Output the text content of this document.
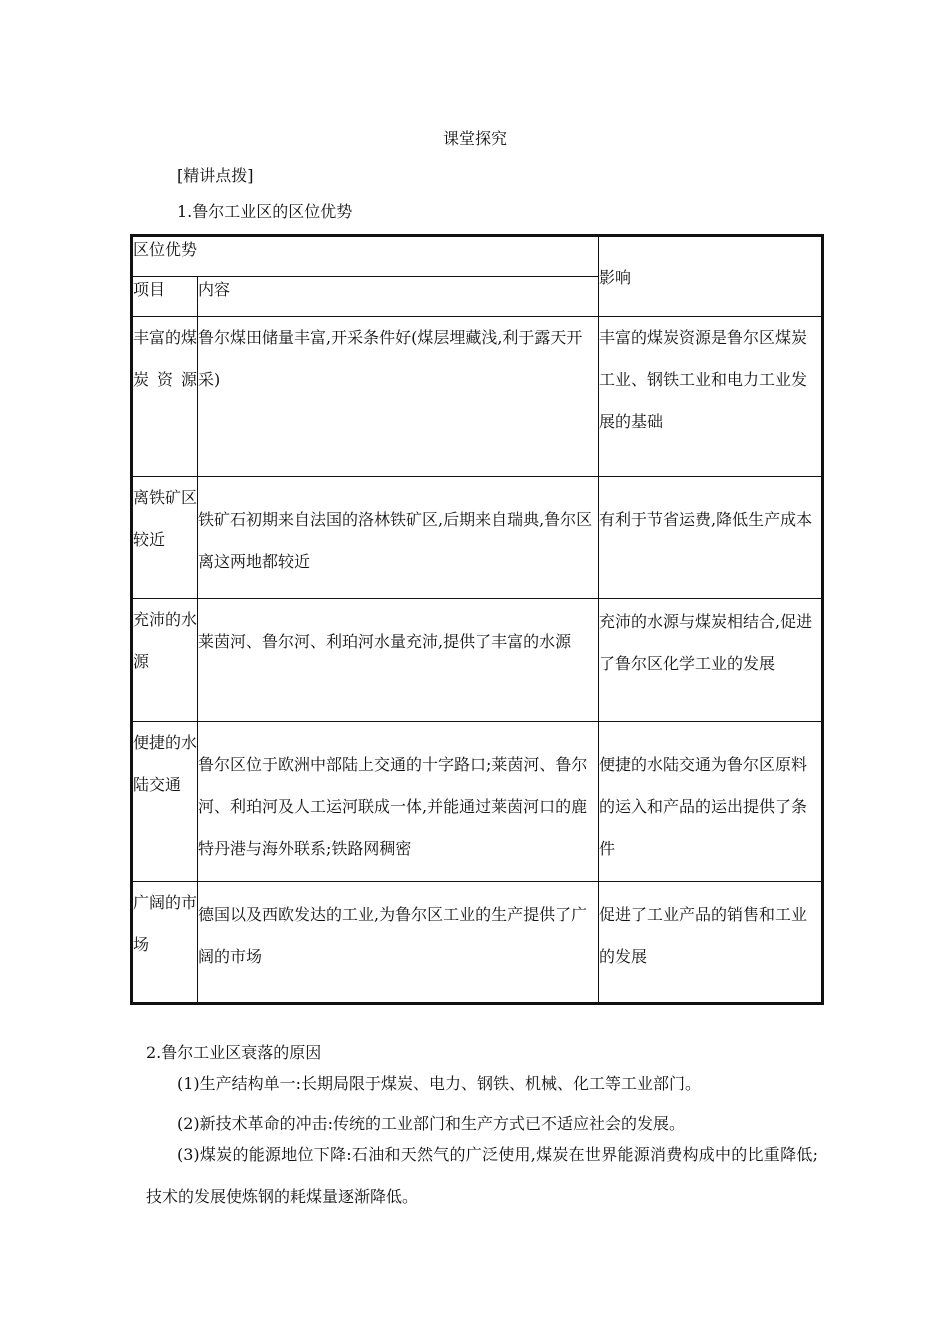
课堂探究
[精讲点拨]
1.鲁尔工业区的区位优势
区位优势		影响
项目	内容	
丰富的煤炭资源	鲁尔煤田储量丰富,开采条件好(煤层埋藏浅,利于露天开采)	丰富的煤炭资源是鲁尔区煤炭工业、钢铁工业和电力工业发展的基础
离铁矿区较近	铁矿石初期来自法国的洛林铁矿区,后期来自瑞典,鲁尔区离这两地都较近	有利于节省运费,降低生产成本
充沛的水源	莱茵河、鲁尔河、利珀河水量充沛,提供了丰富的水源	充沛的水源与煤炭相结合,促进了鲁尔区化学工业的发展
便捷的水陆交通	鲁尔区位于欧洲中部陆上交通的十字路口;莱茵河、鲁尔河、利珀河及人工运河联成一体,并能通过莱茵河口的鹿特丹港与海外联系;铁路网稠密	便捷的水陆交通为鲁尔区原料的运入和产品的运出提供了条件
广阔的市场	德国以及西欧发达的工业,为鲁尔区工业的生产提供了广阔的市场	促进了工业产品的销售和工业的发展
2.鲁尔工业区衰落的原因
(1)生产结构单一:长期局限于煤炭、电力、钢铁、机械、化工等工业部门。
(2)新技术革命的冲击:传统的工业部门和生产方式已不适应社会的发展。
(3)煤炭的能源地位下降:石油和天然气的广泛使用,煤炭在世界能源消费构成中的比重降低;技术的发展使炼钢的耗煤量逐渐降低。
